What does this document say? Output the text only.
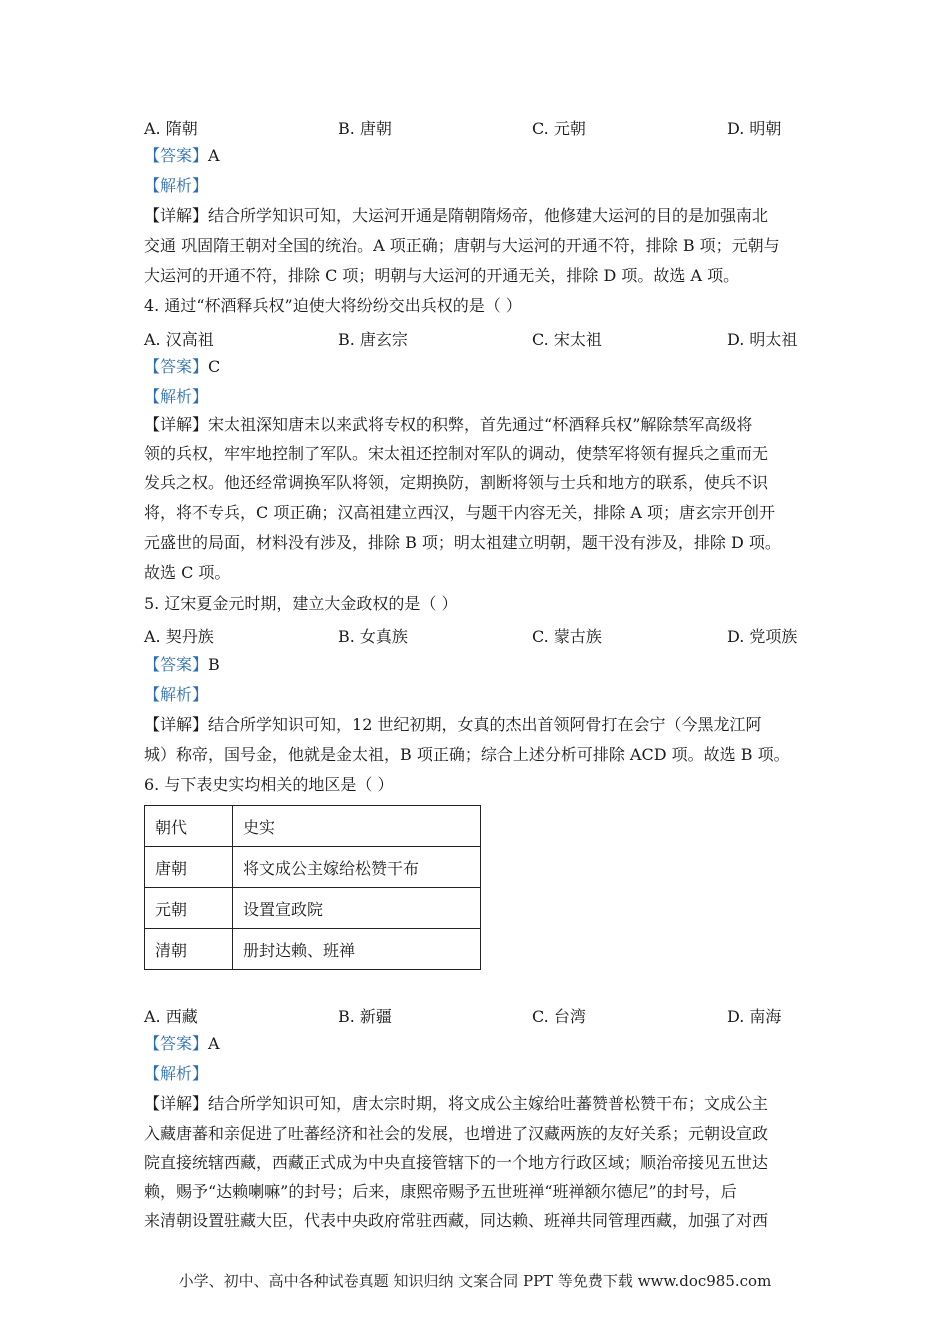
A. 隋朝	B. 唐朝	C. 元朝	D. 明朝
【答案】A
【解析】
【详解】结合所学知识可知，大运河开通是隋朝隋炀帝，他修建大运河的目的是加强南北
交通 巩固隋王朝对全国的统治。A 项正确；唐朝与大运河的开通不符，排除 B 项；元朝与
大运河的开通不符，排除 C 项；明朝与大运河的开通无关，排除 D 项。故选 A 项。
4. 通过“杯酒释兵权”迫使大将纷纷交出兵权的是（ ）
A. 汉高祖	B. 唐玄宗	C. 宋太祖	D. 明太祖
【答案】C
【解析】
【详解】宋太祖深知唐末以来武将专权的积弊，首先通过“杯酒释兵权”解除禁军高级将
领的兵权，牢牢地控制了军队。宋太祖还控制对军队的调动，使禁军将领有握兵之重而无
发兵之权。他还经常调换军队将领，定期换防，割断将领与士兵和地方的联系，使兵不识
将，将不专兵，C 项正确；汉高祖建立西汉，与题干内容无关，排除 A 项；唐玄宗开创开
元盛世的局面，材料没有涉及，排除 B 项；明太祖建立明朝，题干没有涉及，排除 D 项。
故选 C 项。
5. 辽宋夏金元时期，建立大金政权的是（ ）
A. 契丹族	B. 女真族	C. 蒙古族	D. 党项族
【答案】B
【解析】
【详解】结合所学知识可知，12 世纪初期，女真的杰出首领阿骨打在会宁（今黑龙江阿
城）称帝，国号金，他就是金太祖，B 项正确；综合上述分析可排除 ACD 项。故选 B 项。
6. 与下表史实均相关的地区是（ ）
朝代	史实
唐朝	将文成公主嫁给松赞干布
元朝	设置宣政院
清朝	册封达赖、班禅
A. 西藏	B. 新疆	C. 台湾	D. 南海
【答案】A
【解析】
【详解】结合所学知识可知，唐太宗时期，将文成公主嫁给吐蕃赞普松赞干布；文成公主
入藏唐蕃和亲促进了吐蕃经济和社会的发展，也增进了汉藏两族的友好关系；元朝设宣政
院直接统辖西藏，西藏正式成为中央直接管辖下的一个地方行政区域；顺治帝接见五世达
赖，赐予“达赖喇嘛”的封号；后来，康熙帝赐予五世班禅“班禅额尔德尼”的封号，后
来清朝设置驻藏大臣，代表中央政府常驻西藏，同达赖、班禅共同管理西藏，加强了对西
小学、初中、高中各种试卷真题 知识归纳 文案合同 PPT 等免费下载 www.doc985.com
